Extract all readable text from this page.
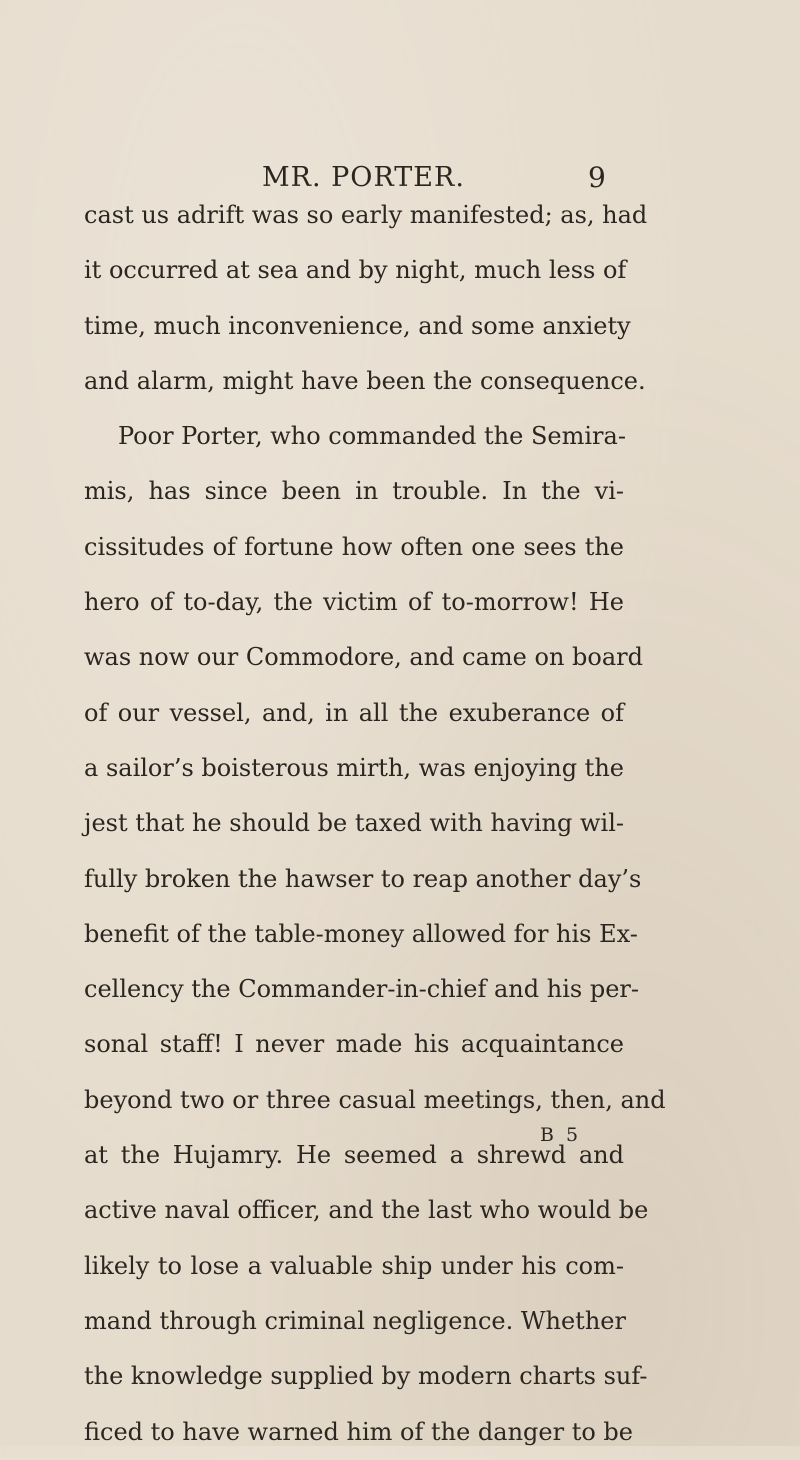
MR. PORTER.	9
cast us adrift was so early manifested; as, had
it occurred at sea and by night, much less of
time, much inconvenience, and some anxiety
and alarm, might have been the consequence.
Poor Porter, who commanded the Semira-
mis, has since been in trouble. In the vi-
cissitudes of fortune how often one sees the
hero of to-day, the victim of to-morrow! He
was now our Commodore, and came on board
of our vessel, and, in all the exuberance of
a sailor’s boisterous mirth, was enjoying the
jest that he should be taxed with having wil-
fully broken the hawser to reap another day’s
benefit of the table-money allowed for his Ex-
cellency the Commander-in-chief and his per-
sonal staff! I never made his acquaintance
beyond two or three casual meetings, then, and
at the Hujamry. He seemed a shrewd and
active naval officer, and the last who would be
likely to lose a valuable ship under his com-
mand through criminal negligence. Whether
the knowledge supplied by modern charts suf-
ficed to have warned him of the danger to be
B 5
